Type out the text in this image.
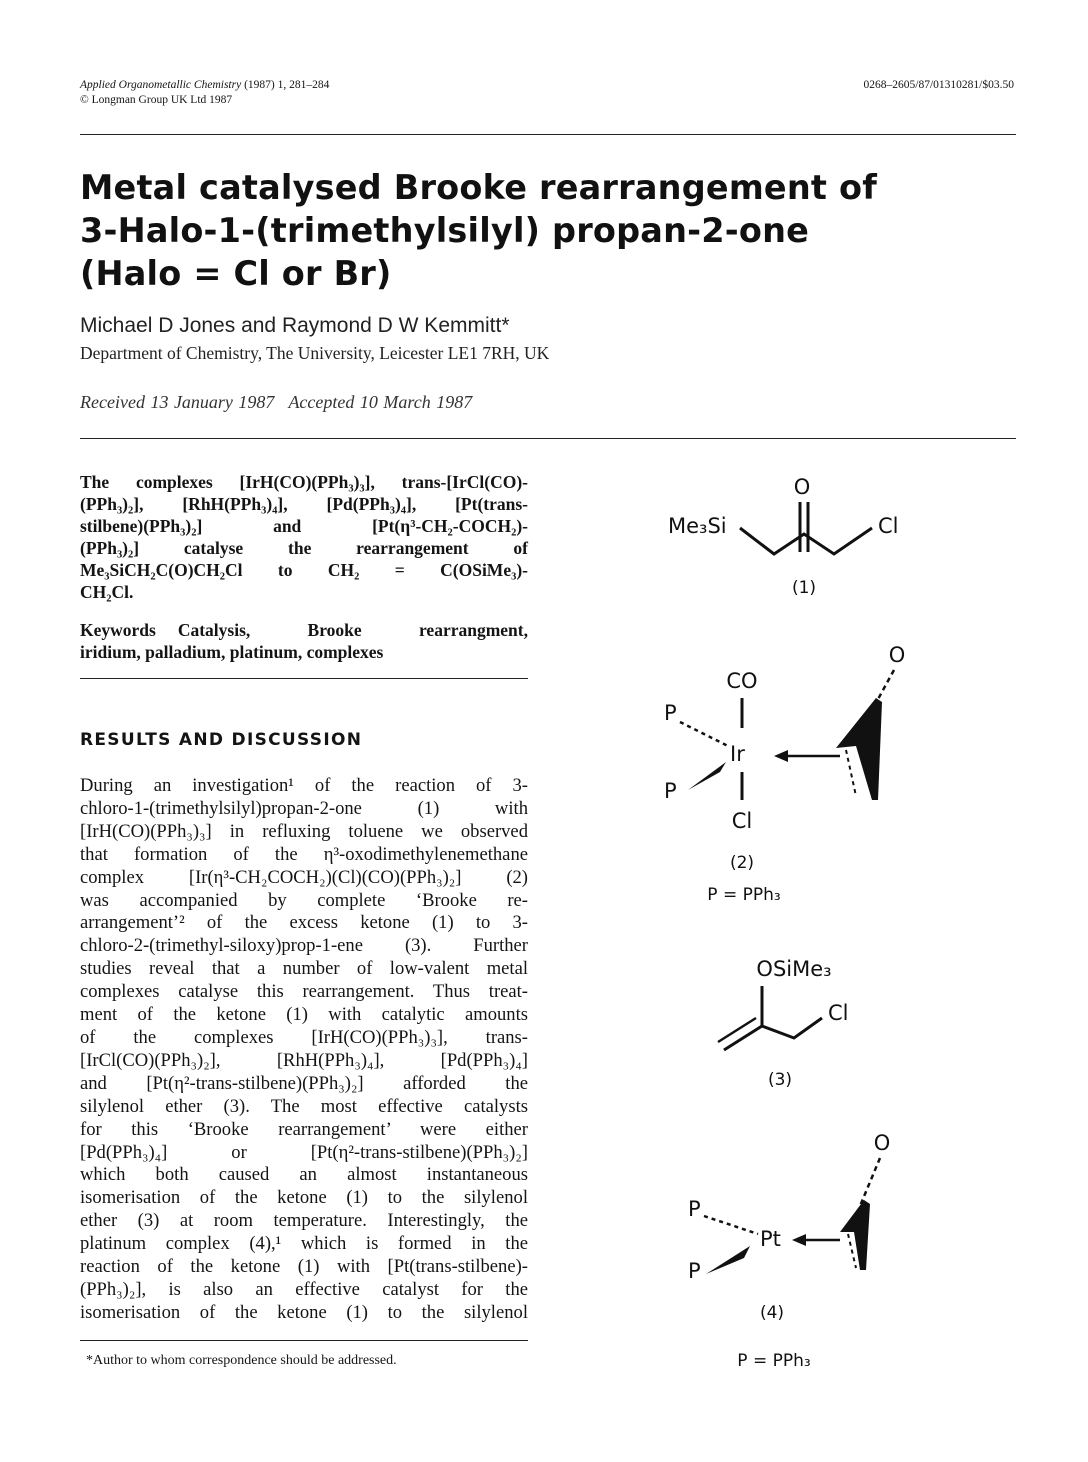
Applied Organometallic Chemistry (1987) 1, 281–284
© Longman Group UK Ltd 1987
0268–2605/87/01310281/$03.50
Metal catalysed Brooke rearrangement of
3-Halo-1-(trimethylsilyl) propan-2-one
(Halo = Cl or Br)
Michael D Jones and Raymond D W Kemmitt*
Department of Chemistry, The University, Leicester LE1 7RH, UK
Received 13 January 1987 Accepted 10 March 1987
The complexes [IrH(CO)(PPh₃)₃], trans-[IrCl(CO)-
(PPh₃)₂], [RhH(PPh₃)₄], [Pd(PPh₃)₄], [Pt(trans-
stilbene)(PPh₃)₂] and [Pt(η³-CH₂-COCH₂)-
(PPh₃)₂] catalyse the rearrangement of
Me₃SiCH₂C(O)CH₂Cl to CH₂ = C(OSiMe₃)-
CH₂Cl.
Keywords Catalysis, Brooke rearrangment,
iridium, palladium, platinum, complexes
RESULTS AND DISCUSSION
During an investigation¹ of the reaction of 3-
chloro-1-(trimethylsilyl)propan-2-one (1) with
[IrH(CO)(PPh₃)₃] in refluxing toluene we observed
that formation of the η³-oxodimethylenemethane
complex [Ir(η³-CH₂COCH₂)(Cl)(CO)(PPh₃)₂] (2)
was accompanied by complete ‘Brooke re-
arrangement’² of the excess ketone (1) to 3-
chloro-2-(trimethyl-siloxy)prop-1-ene (3). Further
studies reveal that a number of low-valent metal
complexes catalyse this rearrangement. Thus treat-
ment of the ketone (1) with catalytic amounts
of the complexes [IrH(CO)(PPh₃)₃], trans-
[IrCl(CO)(PPh₃)₂], [RhH(PPh₃)₄], [Pd(PPh₃)₄]
and [Pt(η²-trans-stilbene)(PPh₃)₂] afforded the
silylenol ether (3). The most effective catalysts
for this ‘Brooke rearrangement’ were either
[Pd(PPh₃)₄] or [Pt(η²-trans-stilbene)(PPh₃)₂]
which both caused an almost instantaneous
isomerisation of the ketone (1) to the silylenol
ether (3) at room temperature. Interestingly, the
platinum complex (4),¹ which is formed in the
reaction of the ketone (1) with [Pt(trans-stilbene)-
(PPh₃)₂], is also an effective catalyst for the
isomerisation of the ketone (1) to the silylenol
*Author to whom correspondence should be addressed.
O
Me₃Si	Cl
(1)
O
CO
P
Ir
P
Cl
(2)
P = PPh₃
OSiMe₃
Cl
(3)
O
P
Pt
P
(4)
P = PPh₃
